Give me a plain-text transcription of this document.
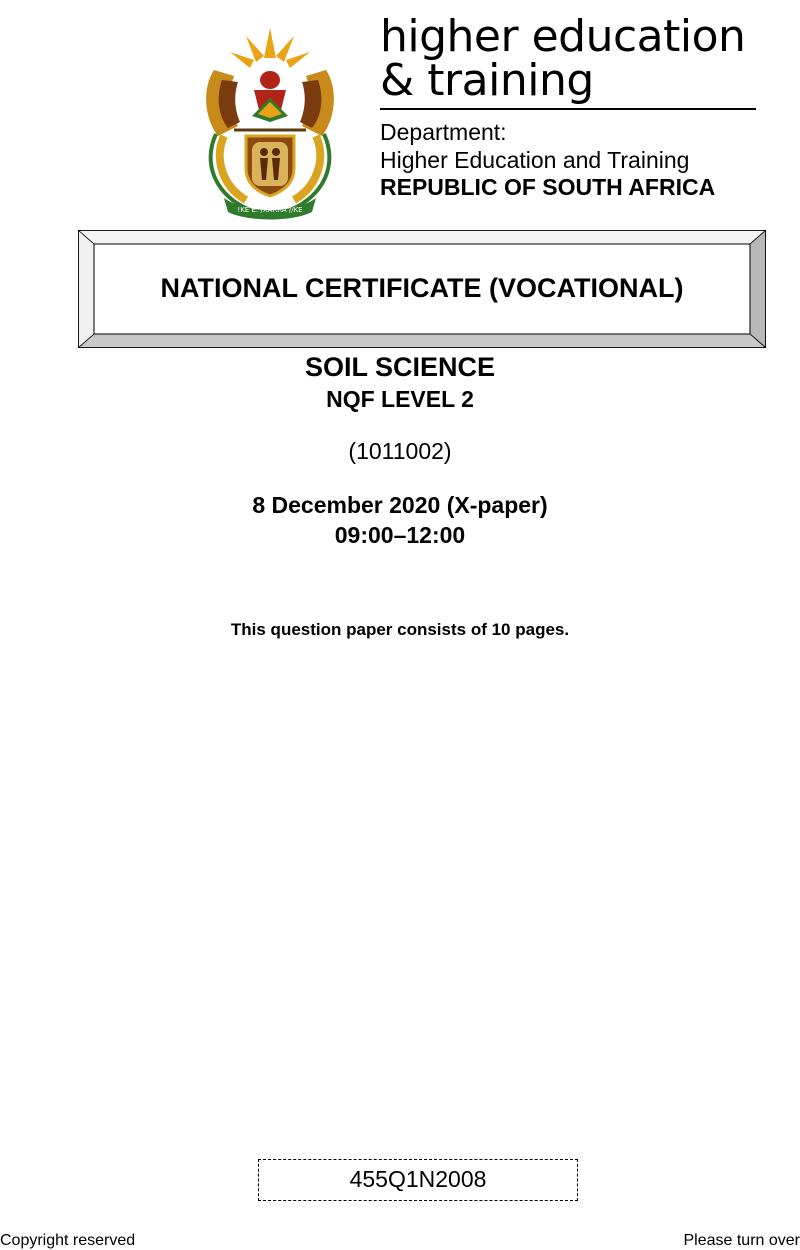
!KE E: /XARRA //KE
higher education
& training
Department:
Higher Education and Training
REPUBLIC OF SOUTH AFRICA
NATIONAL CERTIFICATE (VOCATIONAL)
SOIL SCIENCE
NQF LEVEL 2
(1011002)
8 December 2020 (X-paper)
09:00–12:00
This question paper consists of 10 pages.
455Q1N2008
Copyright reserved	Please turn over
